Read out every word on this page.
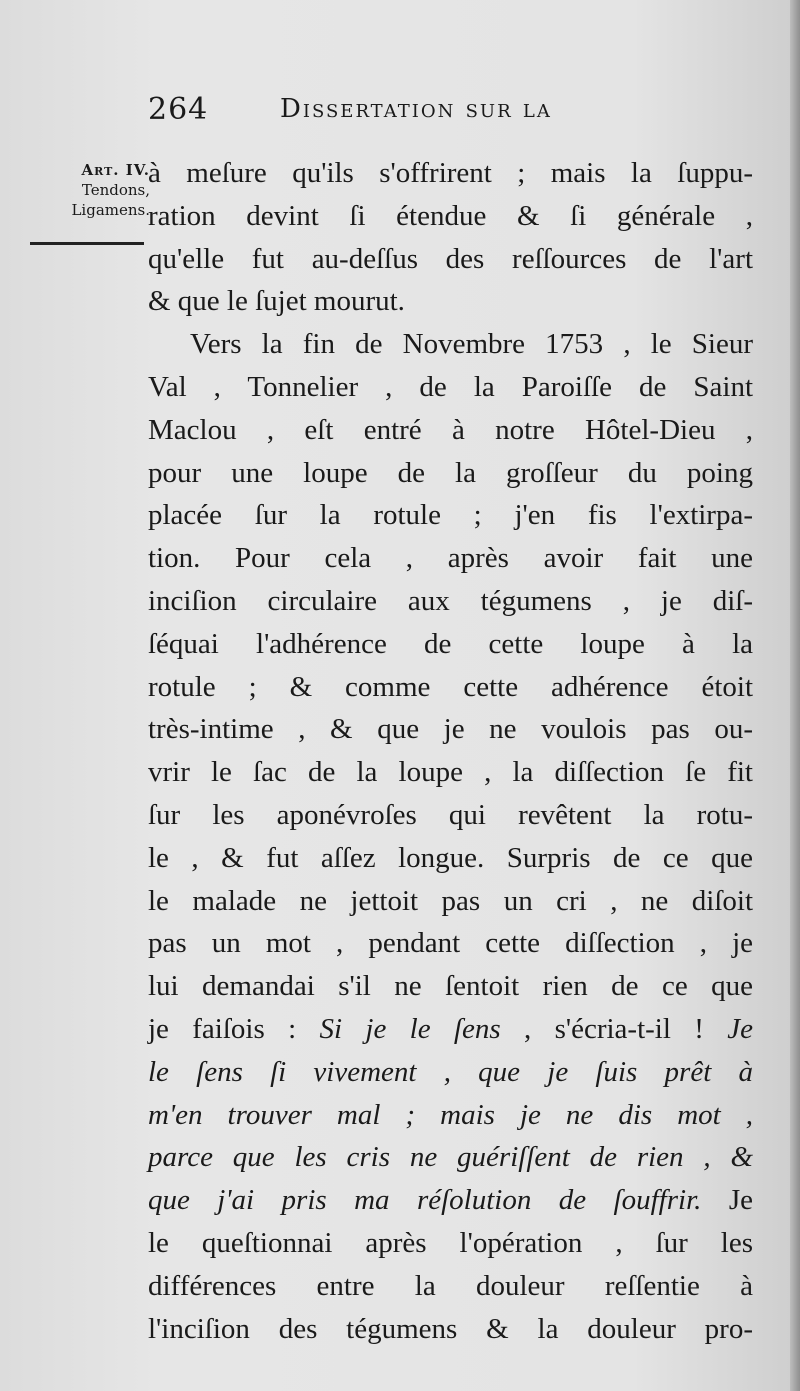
264	Dissertation sur la
Art. IV.
Tendons,
Ligamens.
à meſure qu'ils s'offrirent ; mais la ſuppu-
ration devint ſi étendue & ſi générale ,
qu'elle fut au-deſſus des reſſources de l'art
& que le ſujet mourut.
Vers la fin de Novembre 1753 , le Sieur
Val , Tonnelier , de la Paroiſſe de Saint
Maclou , eſt entré à notre Hôtel-Dieu ,
pour une loupe de la groſſeur du poing
placée ſur la rotule ; j'en fis l'extirpa-
tion. Pour cela , après avoir fait une
inciſion circulaire aux tégumens , je diſ-
ſéquai l'adhérence de cette loupe à la
rotule ; & comme cette adhérence étoit
très-intime , & que je ne voulois pas ou-
vrir le ſac de la loupe , la diſſection ſe fit
ſur les aponévroſes qui revêtent la rotu-
le , & fut aſſez longue. Surpris de ce que
le malade ne jettoit pas un cri , ne diſoit
pas un mot , pendant cette diſſection , je
lui demandai s'il ne ſentoit rien de ce que
je faiſois : Si je le ſens , s'écria-t-il ! Je
le ſens ſi vivement , que je ſuis prêt à
m'en trouver mal ; mais je ne dis mot ,
parce que les cris ne guériſſent de rien , &
que j'ai pris ma réſolution de ſouffrir. Je
le queſtionnai après l'opération , ſur les
différences entre la douleur reſſentie à
l'inciſion des tégumens & la douleur pro-
